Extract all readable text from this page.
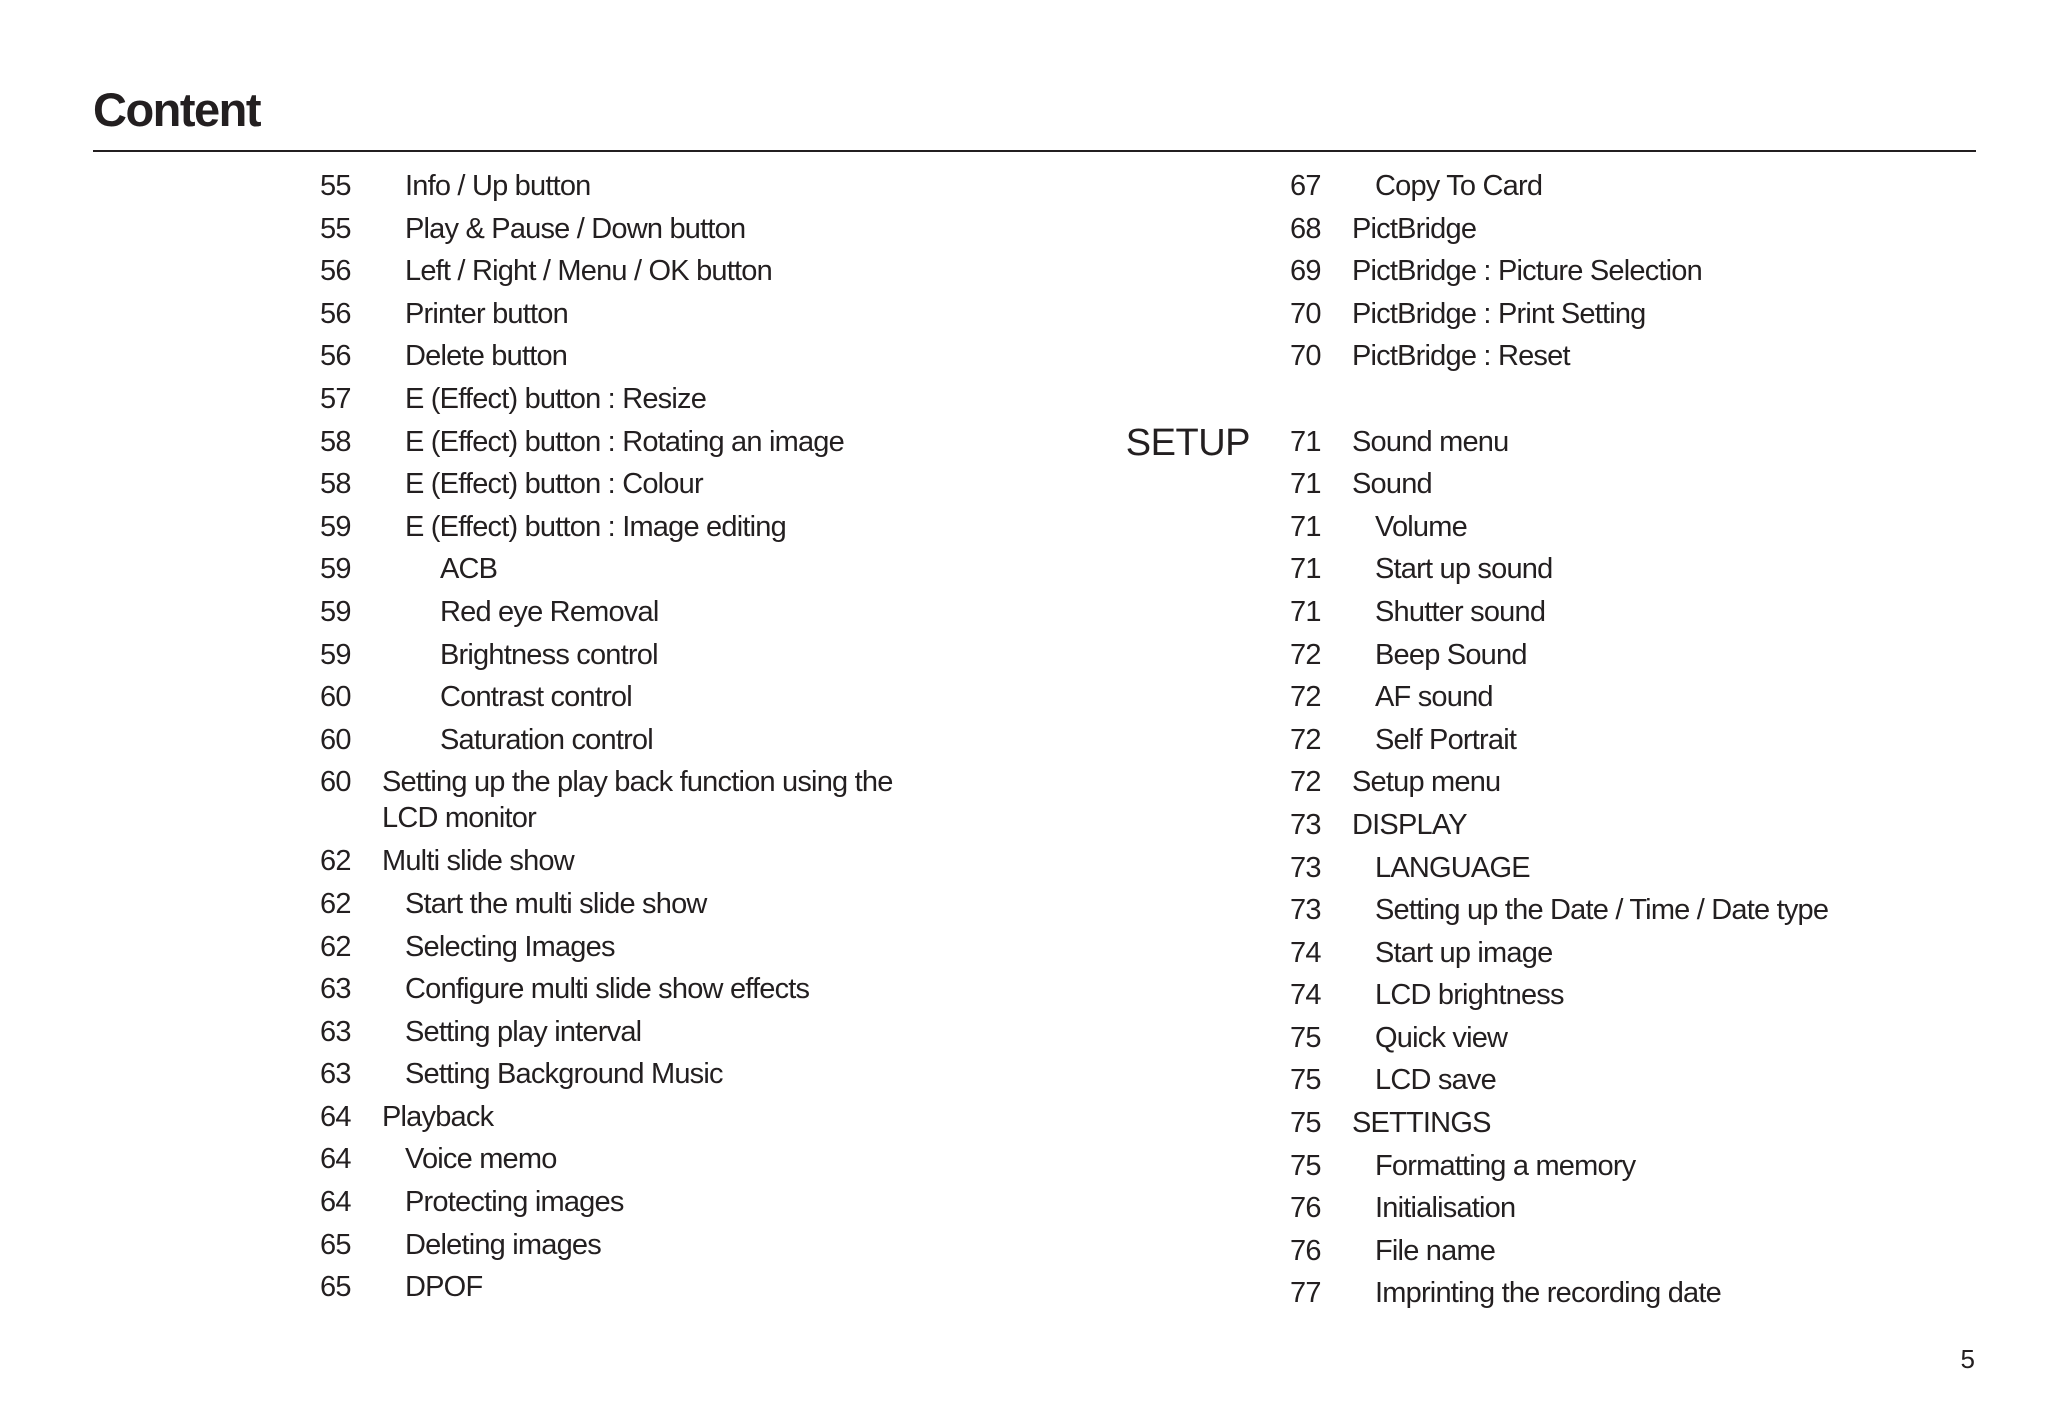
Content
55	Info / Up button
55	Play & Pause / Down button
56	Left / Right / Menu / OK button
56	Printer button
56	Delete button
57	E (Effect) button : Resize
58	E (Effect) button : Rotating an image
58	E (Effect) button : Colour
59	E (Effect) button : Image editing
59	ACB
59	Red eye Removal
59	Brightness control
60	Contrast control
60	Saturation control
60	Setting up the play back function using the LCD monitor
62	Multi slide show
62	Start the multi slide show
62	Selecting Images
63	Configure multi slide show effects
63	Setting play interval
63	Setting Background Music
64	Playback
64	Voice memo
64	Protecting images
65	Deleting images
65	DPOF
67	Copy To Card
68	PictBridge
69	PictBridge : Picture Selection
70	PictBridge : Print Setting
70	PictBridge : Reset
SETUP 71	Sound menu
71	Sound
71	Volume
71	Start up sound
71	Shutter sound
72	Beep Sound
72	AF sound
72	Self Portrait
72	Setup menu
73	DISPLAY
73	LANGUAGE
73	Setting up the Date / Time / Date type
74	Start up image
74	LCD brightness
75	Quick view
75	LCD save
75	SETTINGS
75	Formatting a memory
76	Initialisation
76	File name
77	Imprinting the recording date
5
